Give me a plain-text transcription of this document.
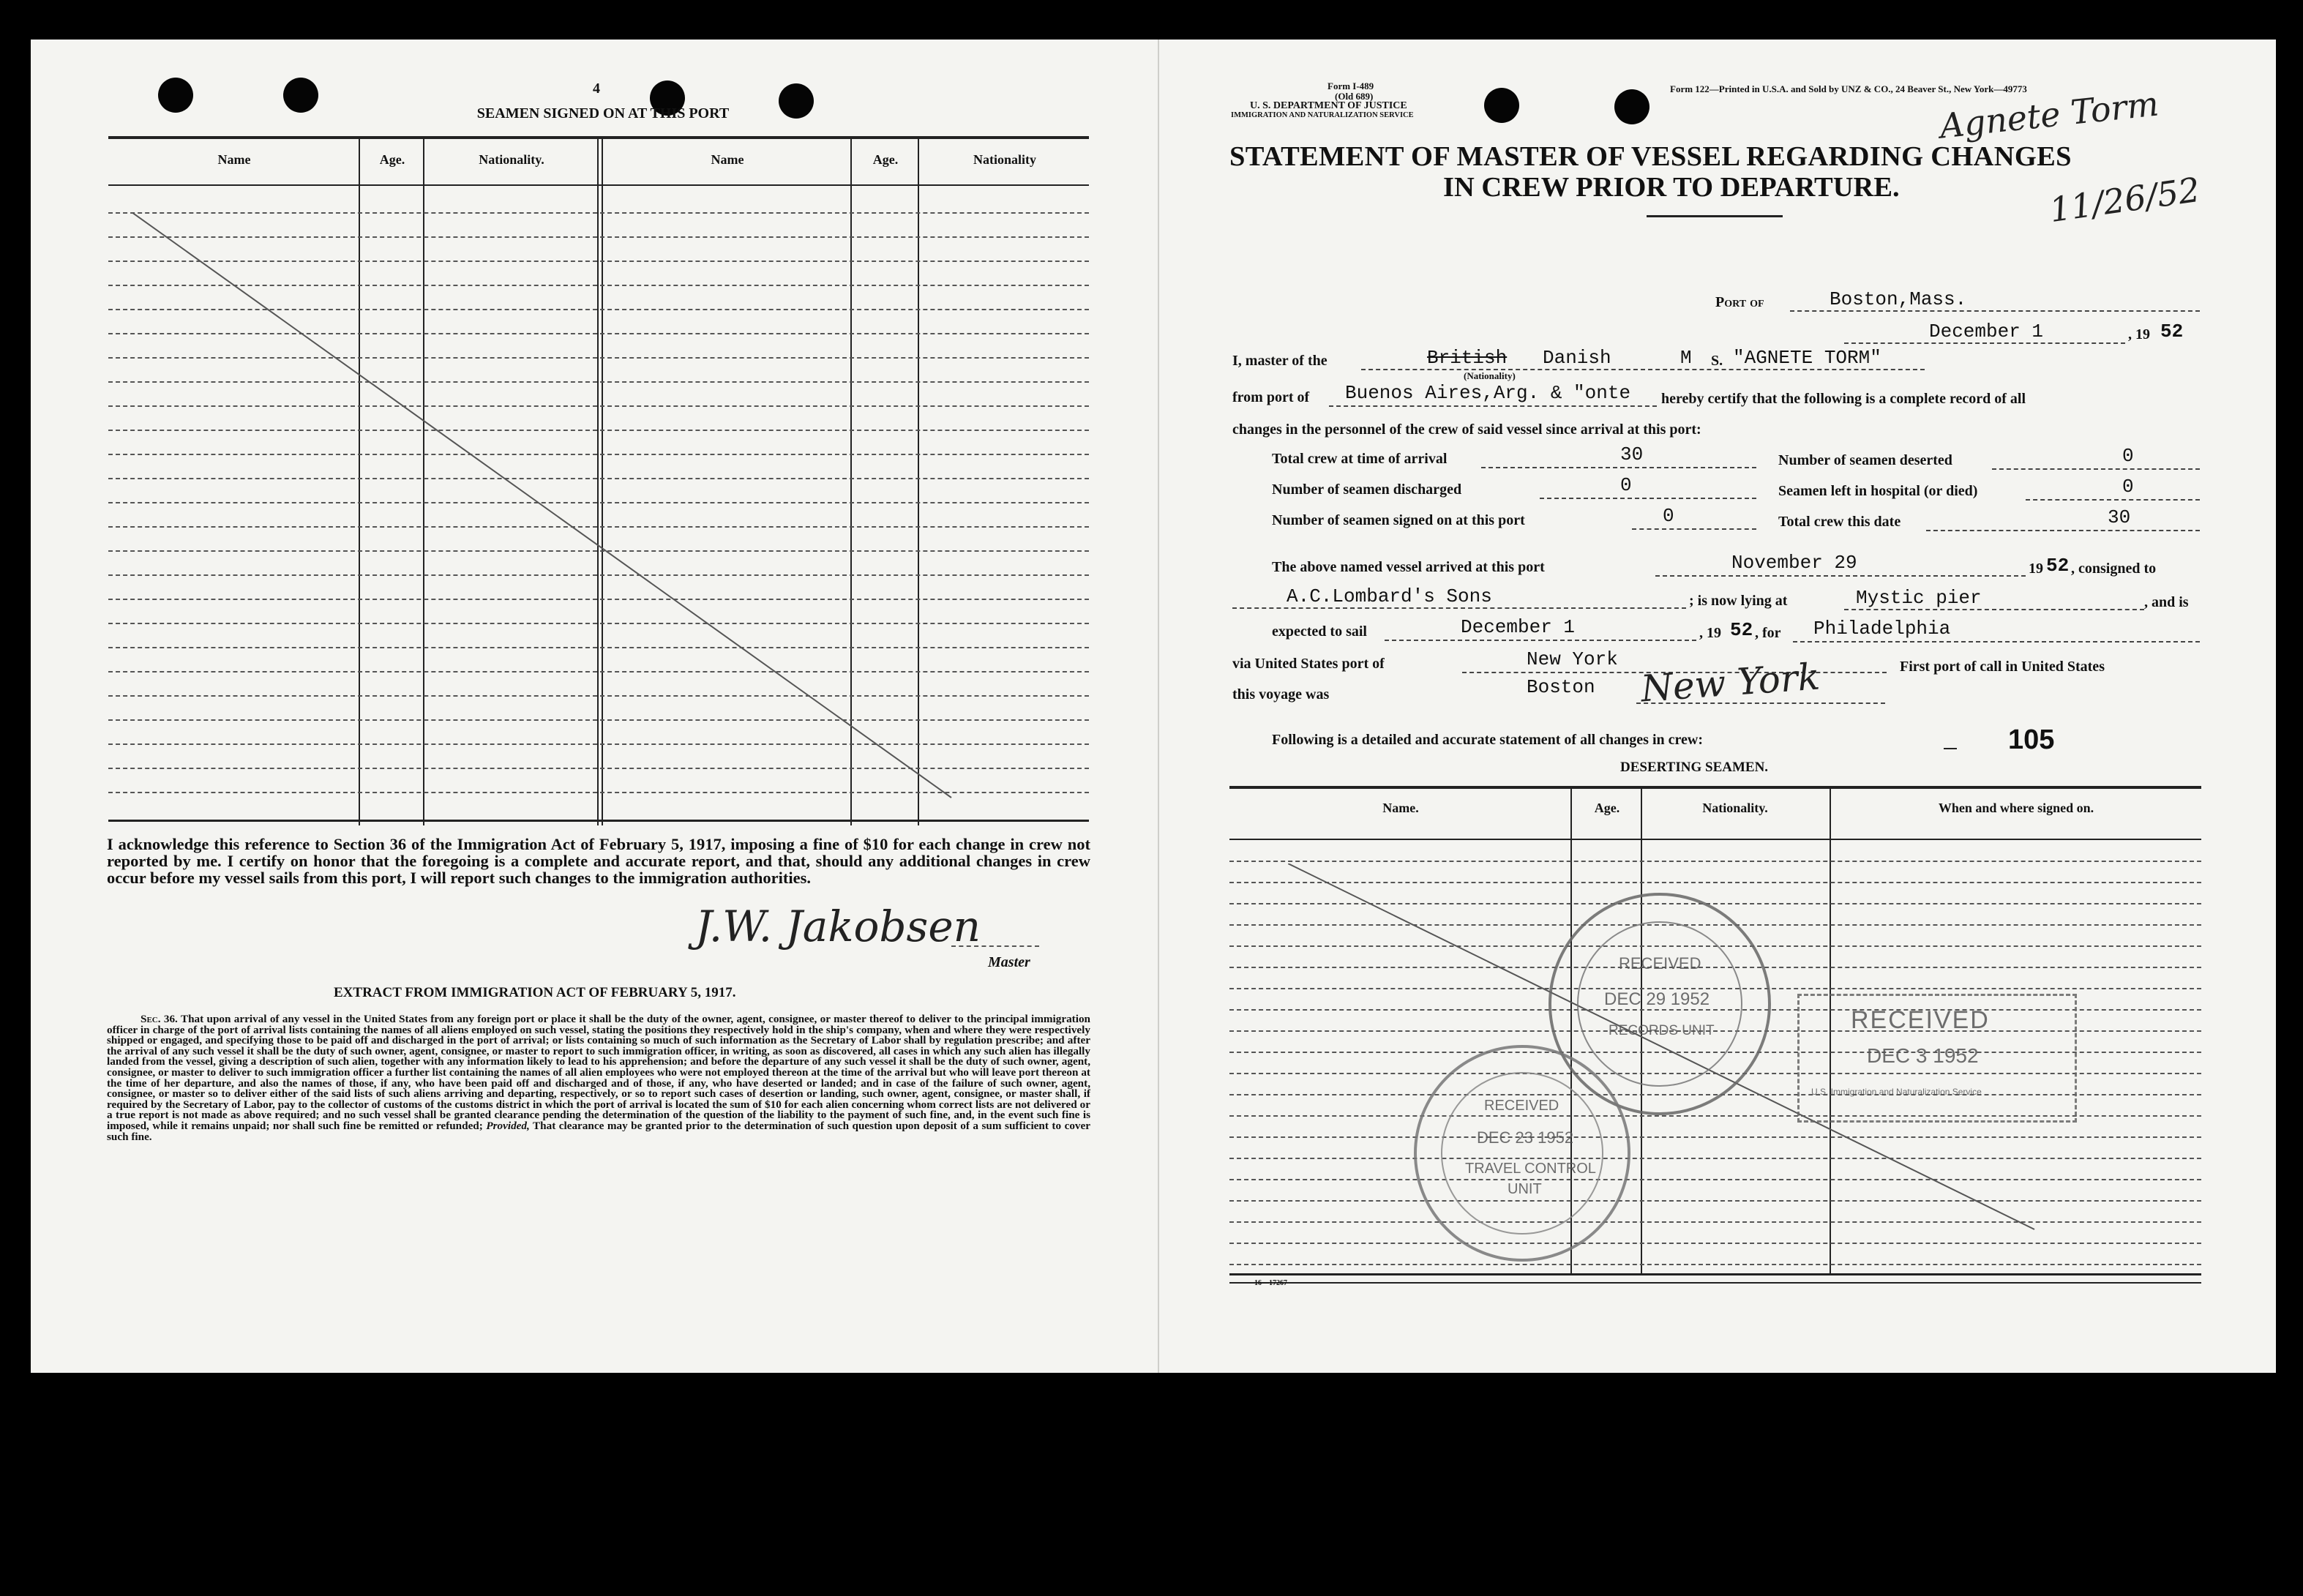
4
SEAMEN SIGNED ON AT THIS PORT
Name	Age.	Nationality.	Name	Age.	Nationality
I acknowledge this reference to Section 36 of the Immigration Act of February 5, 1917, imposing a fine of $10 for each change in crew not reported by me. I certify on honor that the foregoing is a complete and accurate report, and that, should any additional changes in crew occur before my vessel sails from this port, I will report such changes to the immigration authorities.
J.W. Jakobsen
Master
EXTRACT FROM IMMIGRATION ACT OF FEBRUARY 5, 1917.
Sec. 36. That upon arrival of any vessel in the United States from any foreign port or place it shall be the duty of the owner, agent, consignee, or master thereof to deliver to the principal immigration officer in charge of the port of arrival lists containing the names of all aliens employed on such vessel, stating the positions they respectively hold in the ship's company, when and where they were respectively shipped or engaged, and specifying those to be paid off and discharged in the port of arrival; or lists containing so much of such information as the Secretary of Labor shall by regulation prescribe; and after the arrival of any such vessel it shall be the duty of such owner, agent, consignee, or master to report to such immigration officer, in writing, as soon as discovered, all cases in which any such alien has illegally landed from the vessel, giving a description of such alien, together with any information likely to lead to his apprehension; and before the departure of any such vessel it shall be the duty of such owner, agent, consignee, or master to deliver to such immigration officer a further list containing the names of all alien employees who were not employed thereon at the time of the arrival but who will leave port thereon at the time of her departure, and also the names of those, if any, who have been paid off and discharged and of those, if any, who have deserted or landed; and in case of the failure of such owner, agent, consignee, or master so to deliver either of the said lists of such aliens arriving and departing, respectively, or so to report such cases of desertion or landing, such owner, agent, consignee, or master shall, if required by the Secretary of Labor, pay to the collector of customs of the customs district in which the port of arrival is located the sum of $10 for each alien concerning whom correct lists are not delivered or a true report is not made as above required; and no such vessel shall be granted clearance pending the determination of the question of the liability to the payment of such fine, and, in the event such fine is imposed, while it remains unpaid; nor shall such fine be remitted or refunded; Provided, That clearance may be granted prior to the determination of such question upon deposit of a sum sufficient to cover such fine.
Form I-489
(Old 689)
U. S. DEPARTMENT OF JUSTICE
IMMIGRATION AND NATURALIZATION SERVICE
Form 122—Printed in U.S.A. and Sold by UNZ & CO., 24 Beaver St., New York—49773
Agnete Torm
11/26/52
STATEMENT OF MASTER OF VESSEL REGARDING CHANGES
IN CREW PRIOR TO DEPARTURE.
Port of	Boston,Mass.
December 1	, 19 52
I, master of the	British Danish	M S. "AGNETE TORM"
(Nationality)
from port of Buenos Aires,Arg. & "onte hereby certify that the following is a complete record of all
changes in the personnel of the crew of said vessel since arrival at this port:
Total crew at time of arrival	30	Number of seamen deserted	0
Number of seamen discharged	0	Seamen left in hospital (or died)	0
Number of seamen signed on at this port	0	Total crew this date	30
The above named vessel arrived at this port	November 29	19 52 , consigned to
A.C.Lombard's Sons	; is now lying at	Mystic pier	, and is
expected to sail	December 1	, 19 52 , for Philadelphia
via United States port of	New York
this voyage was	Boston New York	First port of call in United States
Following is a detailed and accurate statement of all changes in crew:	105
DESERTING SEAMEN.
Name.	Age.	Nationality.	When and where signed on.
16—17267
RECEIVED
DEC 29 1952
RECORDS UNIT	RECEIVED
DEC 3 1952
U.S. Immigration and Naturalization Service
RECEIVED
DEC 23 1952
TRAVEL CONTROL
UNIT
